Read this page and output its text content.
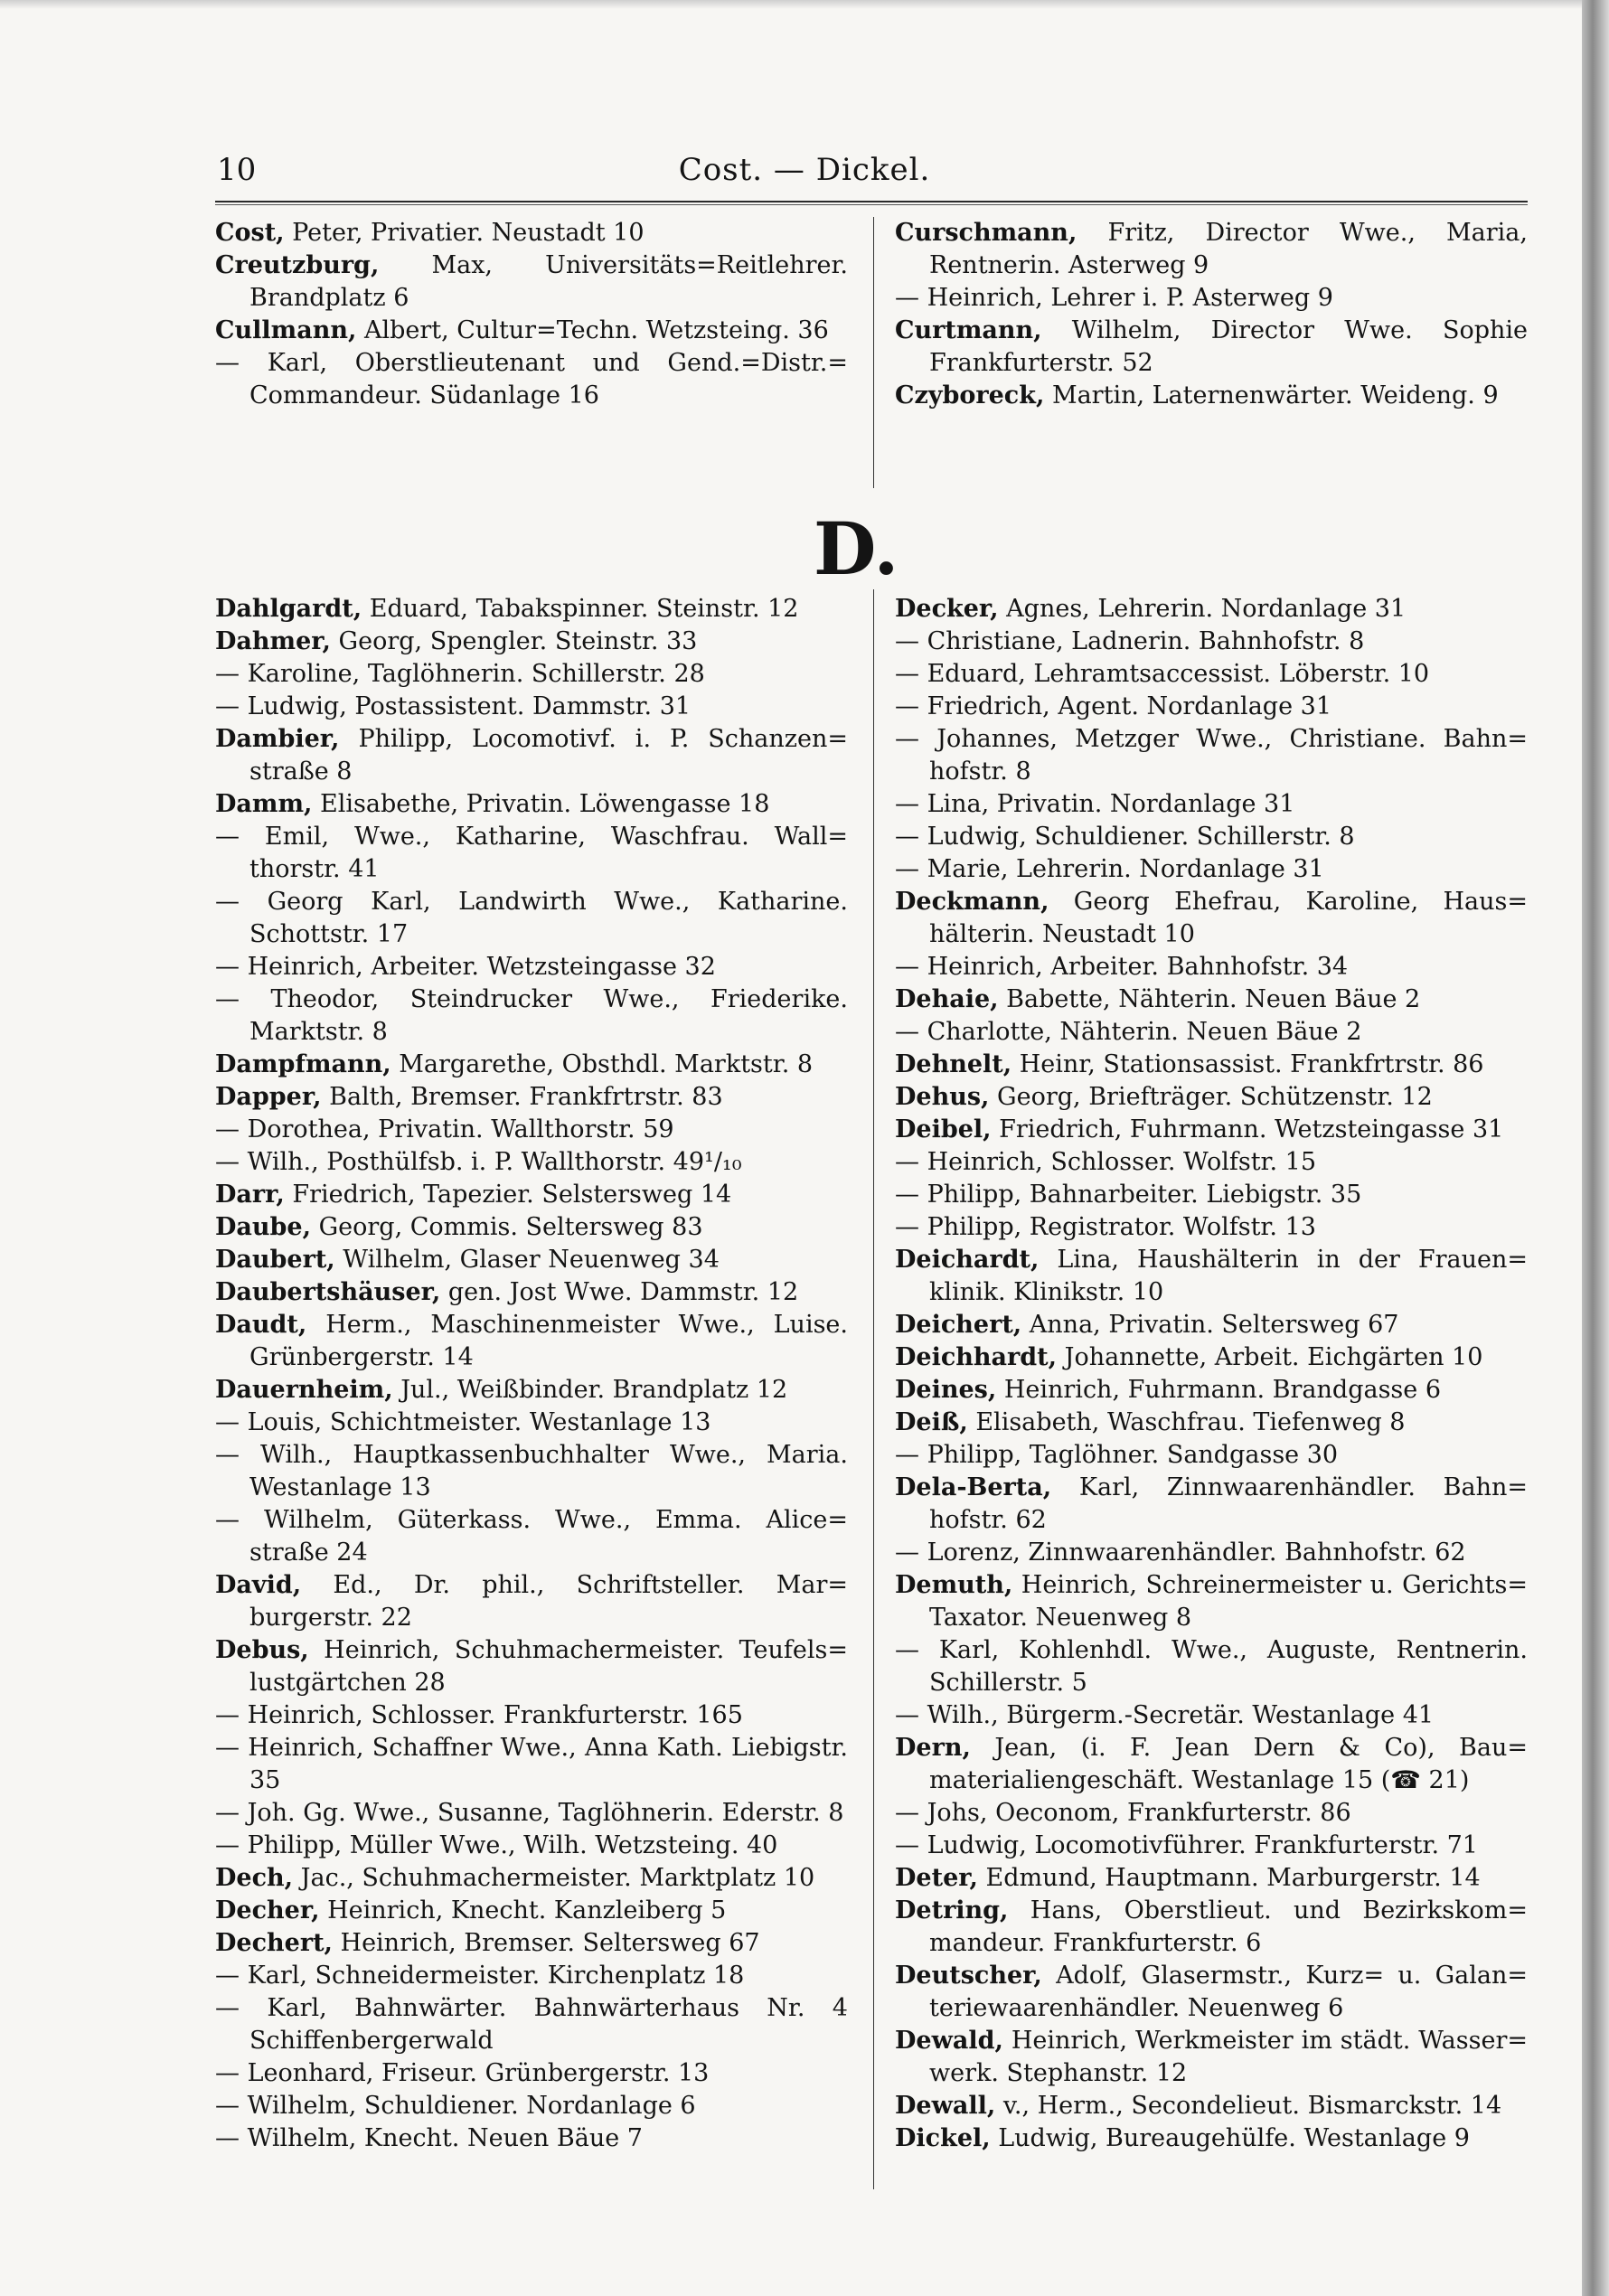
10	Cost. — Dickel.

Cost, Peter, Privatier. Neustadt 10

Creutzburg, Max, Universitäts=Reitlehrer. Brandplatz 6

Cullmann, Albert, Cultur=Techn. Wetzsteing. 36

— Karl, Oberstlieutenant und Gend.=Distr.= Commandeur. Südanlage 16

Curschmann, Fritz, Director Wwe., Maria, Rentnerin. Asterweg 9

— Heinrich, Lehrer i. P. Asterweg 9

Curtmann, Wilhelm, Director Wwe. Sophie Frankfurterstr. 52

Czyboreck, Martin, Laternenwärter. Weideng. 9

D.

Dahlgardt, Eduard, Tabakspinner. Steinstr. 12

Dahmer, Georg, Spengler. Steinstr. 33

— Karoline, Taglöhnerin. Schillerstr. 28

— Ludwig, Postassistent. Dammstr. 31

Dambier, Philipp, Locomotivf. i. P. Schanzen= straße 8

Damm, Elisabethe, Privatin. Löwengasse 18

— Emil, Wwe., Katharine, Waschfrau. Wall= thorstr. 41

— Georg Karl, Landwirth Wwe., Katharine. Schottstr. 17

— Heinrich, Arbeiter. Wetzsteingasse 32

— Theodor, Steindrucker Wwe., Friederike. Marktstr. 8

Dampfmann, Margarethe, Obsthdl. Marktstr. 8

Dapper, Balth, Bremser. Frankfrtrstr. 83

— Dorothea, Privatin. Wallthorstr. 59

— Wilh., Posthülfsb. i. P. Wallthorstr. 49¹/₁₀

Darr, Friedrich, Tapezier. Selstersweg 14

Daube, Georg, Commis. Seltersweg 83

Daubert, Wilhelm, Glaser Neuenweg 34

Daubertshäuser, gen. Jost Wwe. Dammstr. 12

Daudt, Herm., Maschinenmeister Wwe., Luise. Grünbergerstr. 14

Dauernheim, Jul., Weißbinder. Brandplatz 12

— Louis, Schichtmeister. Westanlage 13

— Wilh., Hauptkassenbuchhalter Wwe., Maria. Westanlage 13

— Wilhelm, Güterkass. Wwe., Emma. Alice= straße 24

David, Ed., Dr. phil., Schriftsteller. Mar= burgerstr. 22

Debus, Heinrich, Schuhmachermeister. Teufels= lustgärtchen 28

— Heinrich, Schlosser. Frankfurterstr. 165

— Heinrich, Schaffner Wwe., Anna Kath. Liebigstr. 35

— Joh. Gg. Wwe., Susanne, Taglöhnerin. Ederstr. 8

— Philipp, Müller Wwe., Wilh. Wetzsteing. 40

Dech, Jac., Schuhmachermeister. Marktplatz 10

Decher, Heinrich, Knecht. Kanzleiberg 5

Dechert, Heinrich, Bremser. Seltersweg 67

— Karl, Schneidermeister. Kirchenplatz 18

— Karl, Bahnwärter. Bahnwärterhaus Nr. 4 Schiffenbergerwald

— Leonhard, Friseur. Grünbergerstr. 13

— Wilhelm, Schuldiener. Nordanlage 6

— Wilhelm, Knecht. Neuen Bäue 7

Decker, Agnes, Lehrerin. Nordanlage 31

— Christiane, Ladnerin. Bahnhofstr. 8

— Eduard, Lehramtsaccessist. Löberstr. 10

— Friedrich, Agent. Nordanlage 31

— Johannes, Metzger Wwe., Christiane. Bahn= hofstr. 8

— Lina, Privatin. Nordanlage 31

— Ludwig, Schuldiener. Schillerstr. 8

— Marie, Lehrerin. Nordanlage 31

Deckmann, Georg Ehefrau, Karoline, Haus= hälterin. Neustadt 10

— Heinrich, Arbeiter. Bahnhofstr. 34

Dehaie, Babette, Nähterin. Neuen Bäue 2

— Charlotte, Nähterin. Neuen Bäue 2

Dehnelt, Heinr, Stationsassist. Frankfrtrstr. 86

Dehus, Georg, Briefträger. Schützenstr. 12

Deibel, Friedrich, Fuhrmann. Wetzsteingasse 31

— Heinrich, Schlosser. Wolfstr. 15

— Philipp, Bahnarbeiter. Liebigstr. 35

— Philipp, Registrator. Wolfstr. 13

Deichardt, Lina, Haushälterin in der Frauen= klinik. Klinikstr. 10

Deichert, Anna, Privatin. Seltersweg 67

Deichhardt, Johannette, Arbeit. Eichgärten 10

Deines, Heinrich, Fuhrmann. Brandgasse 6

Deiß, Elisabeth, Waschfrau. Tiefenweg 8

— Philipp, Taglöhner. Sandgasse 30

Dela-Berta, Karl, Zinnwaarenhändler. Bahn= hofstr. 62

— Lorenz, Zinnwaarenhändler. Bahnhofstr. 62

Demuth, Heinrich, Schreinermeister u. Gerichts= Taxator. Neuenweg 8

— Karl, Kohlenhdl. Wwe., Auguste, Rentnerin. Schillerstr. 5

— Wilh., Bürgerm.-Secretär. Westanlage 41

Dern, Jean, (i. F. Jean Dern & Co), Bau= materialiengeschäft. Westanlage 15 (☎ 21)

— Johs, Oeconom, Frankfurterstr. 86

— Ludwig, Locomotivführer. Frankfurterstr. 71

Deter, Edmund, Hauptmann. Marburgerstr. 14

Detring, Hans, Oberstlieut. und Bezirkskom= mandeur. Frankfurterstr. 6

Deutscher, Adolf, Glasermstr., Kurz= u. Galan= teriewaarenhändler. Neuenweg 6

Dewald, Heinrich, Werkmeister im städt. Wasser= werk. Stephanstr. 12

Dewall, v., Herm., Secondelieut. Bismarckstr. 14

Dickel, Ludwig, Bureaugehülfe. Westanlage 9
